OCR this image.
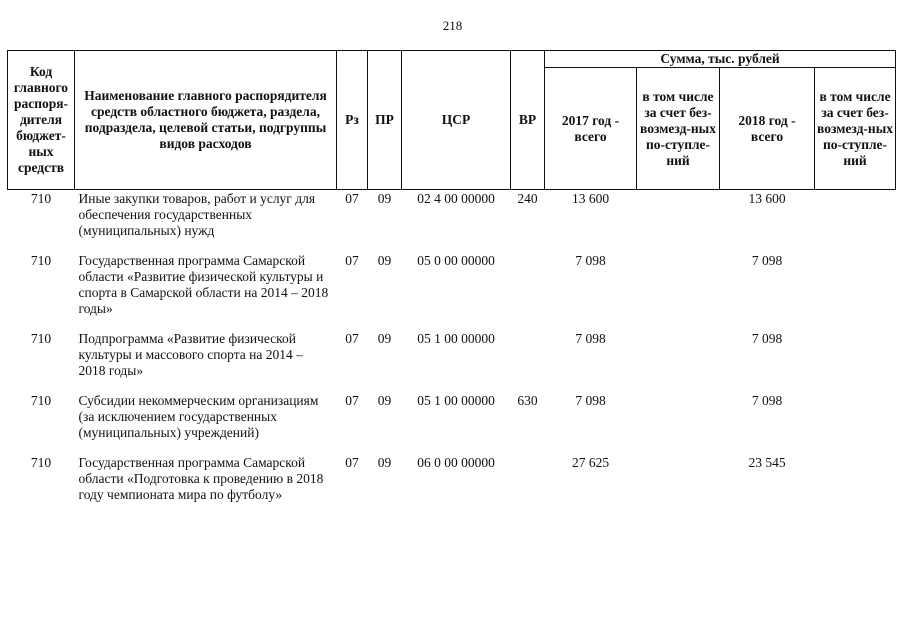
218
Код главного распоря-дителя бюджет-ных средств	Наименование главного распорядителя средств областного бюджета, раздела, подраздела, целевой статьи, подгруппы видов расходов	Рз	ПР	ЦСР	ВР	Сумма, тыс. рублей			
						2017 год - всего	в том числе за счет без-возмезд-ных по-ступле-ний	2018 год - всего	в том числе за счет без-возмезд-ных по-ступле-ний
710	Иные закупки товаров, работ и услуг для обеспечения государственных (муниципальных) нужд	07	09	02 4 00 00000	240	13 600		13 600	
710	Государственная программа Самарской области «Развитие физической культуры и спорта в Самарской области на 2014 – 2018 годы»	07	09	05 0 00 00000		7 098		7 098	
710	Подпрограмма «Развитие физической культуры и массового спорта на 2014 – 2018 годы»	07	09	05 1 00 00000		7 098		7 098	
710	Субсидии некоммерческим организациям (за исключением государственных (муниципальных) учреждений)	07	09	05 1 00 00000	630	7 098		7 098	
710	Государственная программа Самарской области «Подготовка к проведению в 2018 году чемпионата мира по футболу»	07	09	06 0 00 00000		27 625		23 545	
